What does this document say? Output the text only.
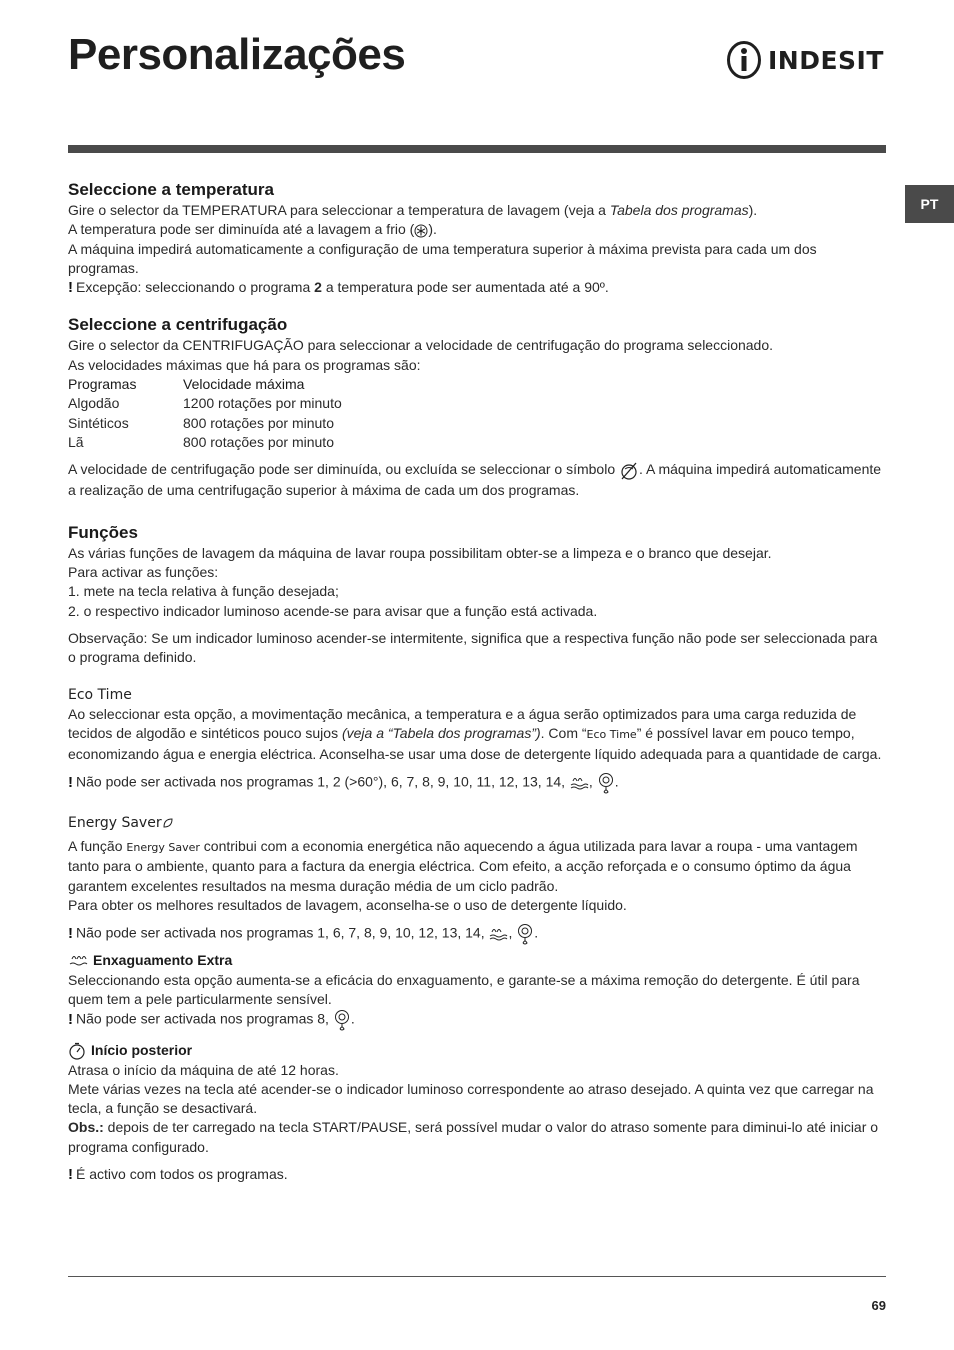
Personalizações	INDESIT
PT
Seleccione a temperatura

Gire o selector da TEMPERATURA para seleccionar a temperatura de lavagem (veja a Tabela dos programas).

A temperatura pode ser diminuída até a lavagem a frio ( ).

A máquina impedirá automaticamente a configuração de uma temperatura superior à máxima prevista para cada um dos programas.

! Excepção: seleccionando o programa 2 a temperatura pode ser aumentada até a 90º.

Seleccione a centrifugação

Gire o selector da CENTRIFUGAÇÃO para seleccionar a velocidade de centrifugação do programa seleccionado.

As velocidades máximas que há para os programas são:

Programas	Velocidade máxima
Algodão	1200 rotações por minuto
Sintéticos	800 rotações por minuto
Lã	800 rotações por minuto

A velocidade de centrifugação pode ser diminuída, ou excluída se seleccionar o símbolo . A máquina impedirá automaticamente a realização de uma centrifugação superior à máxima de cada um dos programas.

Funções

As várias funções de lavagem da máquina de lavar roupa possibilitam obter-se a limpeza e o branco que desejar.

Para activar as funções:

1. mete na tecla relativa à função desejada;

2. o respectivo indicador luminoso acende-se para avisar que a função está activada.

Observação: Se um indicador luminoso acender-se intermitente, significa que a respectiva função não pode ser seleccionada para o programa definido.

Eco Time

Ao seleccionar esta opção, a movimentação mecânica, a temperatura e a água serão optimizados para uma carga reduzida de tecidos de algodão e sintéticos pouco sujos (veja a “Tabela dos programas”). Com “Eco Time” é possível lavar em pouco tempo, economizando água e energia eléctrica. Aconselha-se usar uma dose de detergente líquido adequada para a quantidade de carga.

! Não pode ser activada nos programas 1, 2 (>60°), 6, 7, 8, 9, 10, 11, 12, 13, 14, , .

Energy Saver

A função Energy Saver contribui com a economia energética não aquecendo a água utilizada para lavar a roupa - uma vantagem tanto para o ambiente, quanto para a factura da energia eléctrica. Com efeito, a acção reforçada e o consumo óptimo da água garantem excelentes resultados na mesma duração média de um ciclo padrão.

Para obter os melhores resultados de lavagem, aconselha-se o uso de detergente líquido.

! Não pode ser activada nos programas 1, 6, 7, 8, 9, 10, 12, 13, 14, , .

Enxaguamento Extra

Seleccionando esta opção aumenta-se a eficácia do enxaguamento, e garante-se a máxima remoção do detergente. É útil para quem tem a pele particularmente sensível.

! Não pode ser activada nos programas 8, .

Início posterior

Atrasa o início da máquina de até 12 horas.

Mete várias vezes na tecla até acender-se o indicador luminoso correspondente ao atraso desejado. A quinta vez que carregar na tecla, a função se desactivará.

Obs.: depois de ter carregado na tecla START/PAUSE, será possível mudar o valor do atraso somente para diminui-lo até iniciar o programa configurado.

! É activo com todos os programas.

69
